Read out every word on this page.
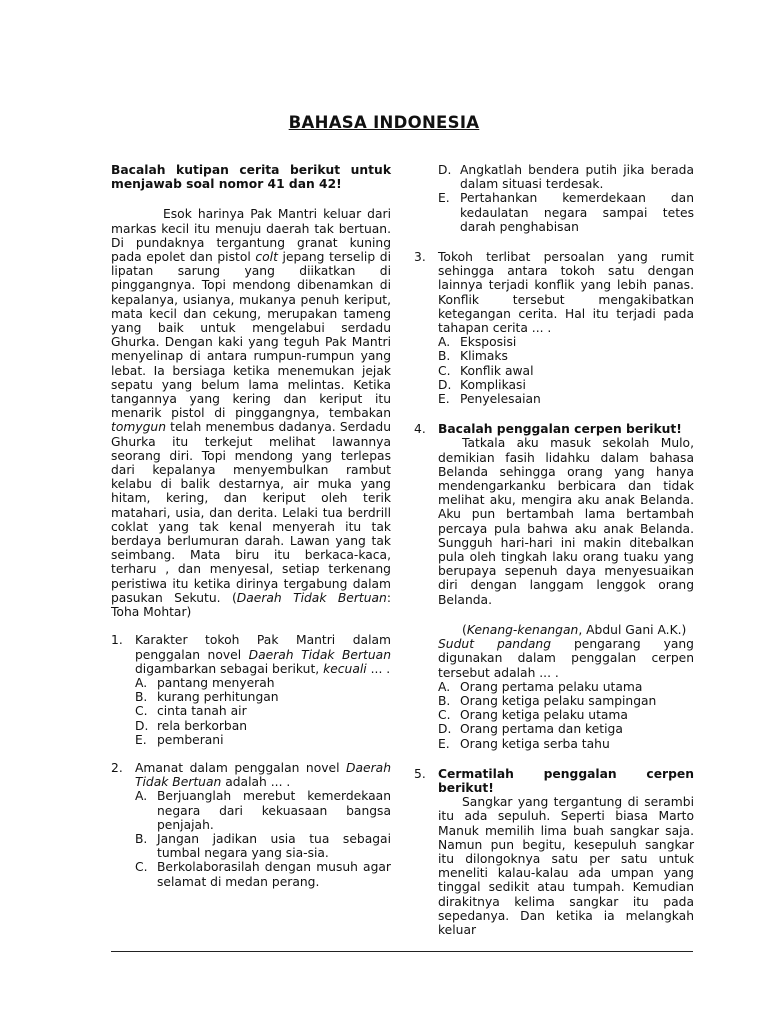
BAHASA INDONESIA

Bacalah kutipan cerita berikut untuk menjawab soal nomor 41 dan 42!

Esok harinya Pak Mantri keluar dari markas kecil itu menuju daerah tak bertuan. Di pundaknya tergantung granat kuning pada epolet dan pistol colt jepang terselip di lipatan sarung yang diikatkan di pinggangnya. Topi mendong dibenamkan di kepalanya, usianya, mukanya penuh keriput, mata kecil dan cekung, merupakan tameng yang baik untuk mengelabui serdadu Ghurka. Dengan kaki yang teguh Pak Mantri menyelinap di antara rumpun-rumpun yang lebat. Ia bersiaga ketika menemukan jejak sepatu yang belum lama melintas. Ketika tangannya yang kering dan keriput itu menarik pistol di pinggangnya, tembakan tomygun telah menembus dadanya. Serdadu Ghurka itu terkejut melihat lawannya seorang diri. Topi mendong yang terlepas dari kepalanya menyembulkan rambut kelabu di balik destarnya, air muka yang hitam, kering, dan keriput oleh terik matahari, usia, dan derita. Lelaki tua berdrill coklat yang tak kenal menyerah itu tak berdaya berlumuran darah. Lawan yang tak seimbang. Mata biru itu berkaca-kaca, terharu , dan menyesal, setiap terkenang peristiwa itu ketika dirinya tergabung dalam pasukan Sekutu. (Daerah Tidak Bertuan: Toha Mohtar)

1. Karakter tokoh Pak Mantri dalam penggalan novel Daerah Tidak Bertuan digambarkan sebagai berikut, kecuali ... .

A. pantang menyerah
B. kurang perhitungan
C. cinta tanah air
D. rela berkorban
E. pemberani
2. Amanat dalam penggalan novel Daerah Tidak Bertuan adalah ... .

A. Berjuanglah merebut kemerdekaan negara dari kekuasaan bangsa penjajah.
B. Jangan jadikan usia tua sebagai tumbal negara yang sia-sia.
C. Berkolaborasilah dengan musuh agar selamat di medan perang.
D. Angkatlah bendera putih jika berada dalam situasi terdesak.
E. Pertahankan kemerdekaan dan kedaulatan negara sampai tetes darah penghabisan
3. Tokoh terlibat persoalan yang rumit sehingga antara tokoh satu dengan lainnya terjadi konflik yang lebih panas. Konflik tersebut mengakibatkan ketegangan cerita. Hal itu terjadi pada tahapan cerita ... .

A. Eksposisi
B. Klimaks
C. Konflik awal
D. Komplikasi
E. Penyelesaian
4. Bacalah penggalan cerpen berikut!

Tatkala aku masuk sekolah Mulo, demikian fasih lidahku dalam bahasa Belanda sehingga orang yang hanya mendengarkanku berbicara dan tidak melihat aku, mengira aku anak Belanda. Aku pun bertambah lama bertambah percaya pula bahwa aku anak Belanda. Sungguh hari-hari ini makin ditebalkan pula oleh tingkah laku orang tuaku yang berupaya sepenuh daya menyesuaikan diri dengan langgam lenggok orang Belanda.

(Kenang-kenangan, Abdul Gani A.K.)

Sudut pandang pengarang yang digunakan dalam penggalan cerpen tersebut adalah ... .

A. Orang pertama pelaku utama
B. Orang ketiga pelaku sampingan
C. Orang ketiga pelaku utama
D. Orang pertama dan ketiga
E. Orang ketiga serba tahu
5. Cermatilah penggalan cerpen berikut!

Sangkar yang tergantung di serambi itu ada sepuluh. Seperti biasa Marto Manuk memilih lima buah sangkar saja. Namun pun begitu, kesepuluh sangkar itu dilongoknya satu per satu untuk meneliti kalau-kalau ada umpan yang tinggal sedikit atau tumpah. Kemudian dirakitnya kelima sangkar itu pada sepedanya. Dan ketika ia melangkah keluar
